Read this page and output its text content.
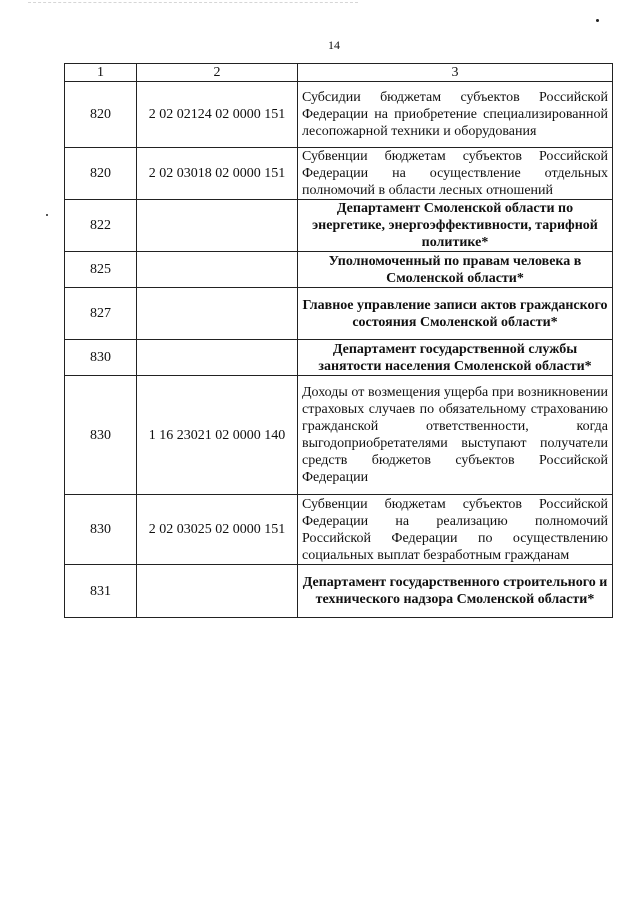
14
1	2	3
820	2 02 02124 02 0000 151	Субсидии бюджетам субъектов Российской Федерации на приобретение специализированной лесопожарной техники и оборудования
820	2 02 03018 02 0000 151	Субвенции бюджетам субъектов Российской Федерации на осуществление отдельных полномочий в области лесных отношений
822		Департамент Смоленской области по энергетике, энергоэффективности, тарифной политике*
825		Уполномоченный по правам человека в Смоленской области*
827		Главное управление записи актов гражданского состояния Смоленской области*
830		Департамент государственной службы занятости населения Смоленской области*
830	1 16 23021 02 0000 140	Доходы от возмещения ущерба при возникновении страховых случаев по обязательному страхованию гражданской ответственности, когда выгодоприобретателями выступают получатели средств бюджетов субъектов Российской Федерации
830	2 02 03025 02 0000 151	Субвенции бюджетам субъектов Российской Федерации на реализацию полномочий Российской Федерации по осуществлению социальных выплат безработным гражданам
831		Департамент государственного строительного и технического надзора Смоленской области*
